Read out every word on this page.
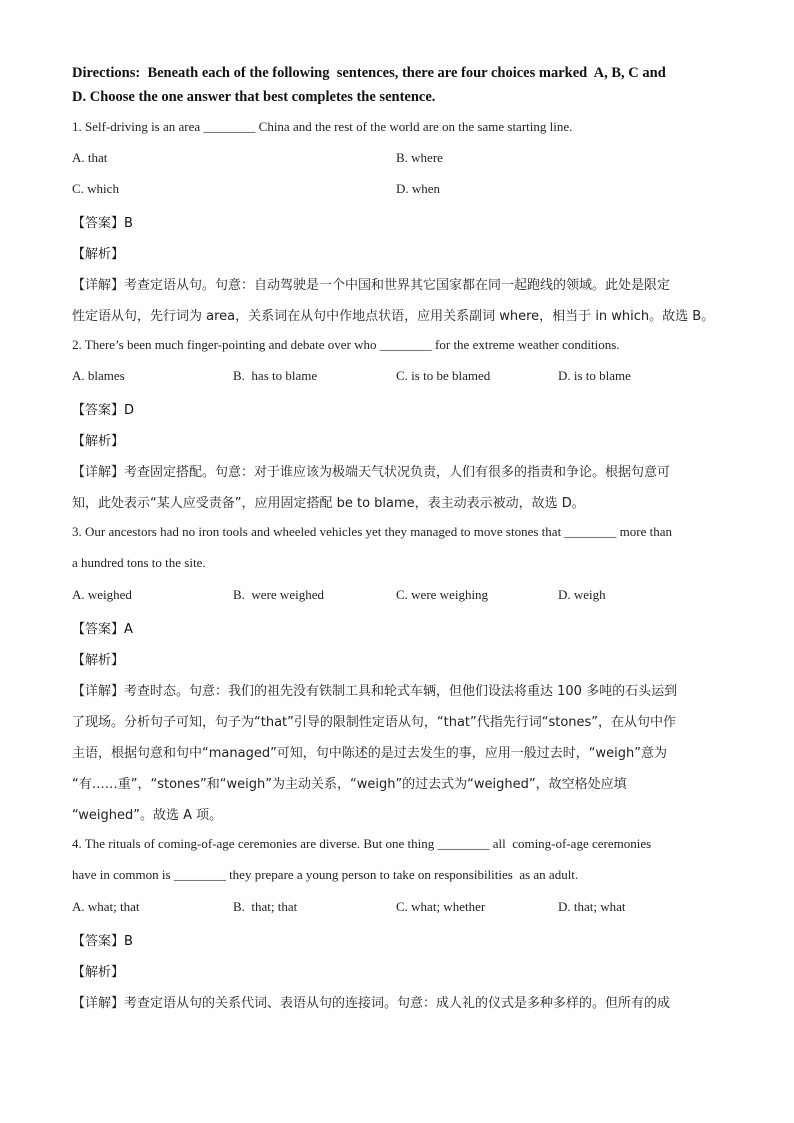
Directions:  Beneath each of the following  sentences, there are four choices marked  A, B, C and
D. Choose the one answer that best completes the sentence.
1. Self-driving is an area ________ China and the rest of the world are on the same starting line.
A. that	B. where
C. which	D. when
【答案】B
【解析】
【详解】考查定语从句。句意：自动驾驶是一个中国和世界其它国家都在同一起跑线的领域。此处是限定
性定语从句，先行词为 area，关系词在从句中作地点状语，应用关系副词 where，相当于 in which。故选 B。
2. There’s been much finger-pointing and debate over who ________ for the extreme weather conditions.
A. blames	B.  has to blame	C. is to be blamed	D. is to blame
【答案】D
【解析】
【详解】考查固定搭配。句意：对于谁应该为极端天气状况负责，人们有很多的指责和争论。根据句意可
知，此处表示“某人应受责备”，应用固定搭配 be to blame，表主动表示被动，故选 D。
3. Our ancestors had no iron tools and wheeled vehicles yet they managed to move stones that ________ more than
a hundred tons to the site.
A. weighed	B.  were weighed	C. were weighing	D. weigh
【答案】A
【解析】
【详解】考查时态。句意：我们的祖先没有铁制工具和轮式车辆，但他们设法将重达 100 多吨的石头运到
了现场。分析句子可知，句子为“that”引导的限制性定语从句，“that”代指先行词“stones”，在从句中作
主语，根据句意和句中“managed”可知，句中陈述的是过去发生的事，应用一般过去时，“weigh”意为
“有……重”，“stones”和“weigh”为主动关系，“weigh”的过去式为“weighed”，故空格处应填
“weighed”。故选 A 项。
4. The rituals of coming-of-age ceremonies are diverse. But one thing ________ all  coming-of-age ceremonies
have in common is ________ they prepare a young person to take on responsibilities  as an adult.
A. what; that	B.  that; that	C. what; whether	D. that; what
【答案】B
【解析】
【详解】考查定语从句的关系代词、表语从句的连接词。句意：成人礼的仪式是多种多样的。但所有的成
